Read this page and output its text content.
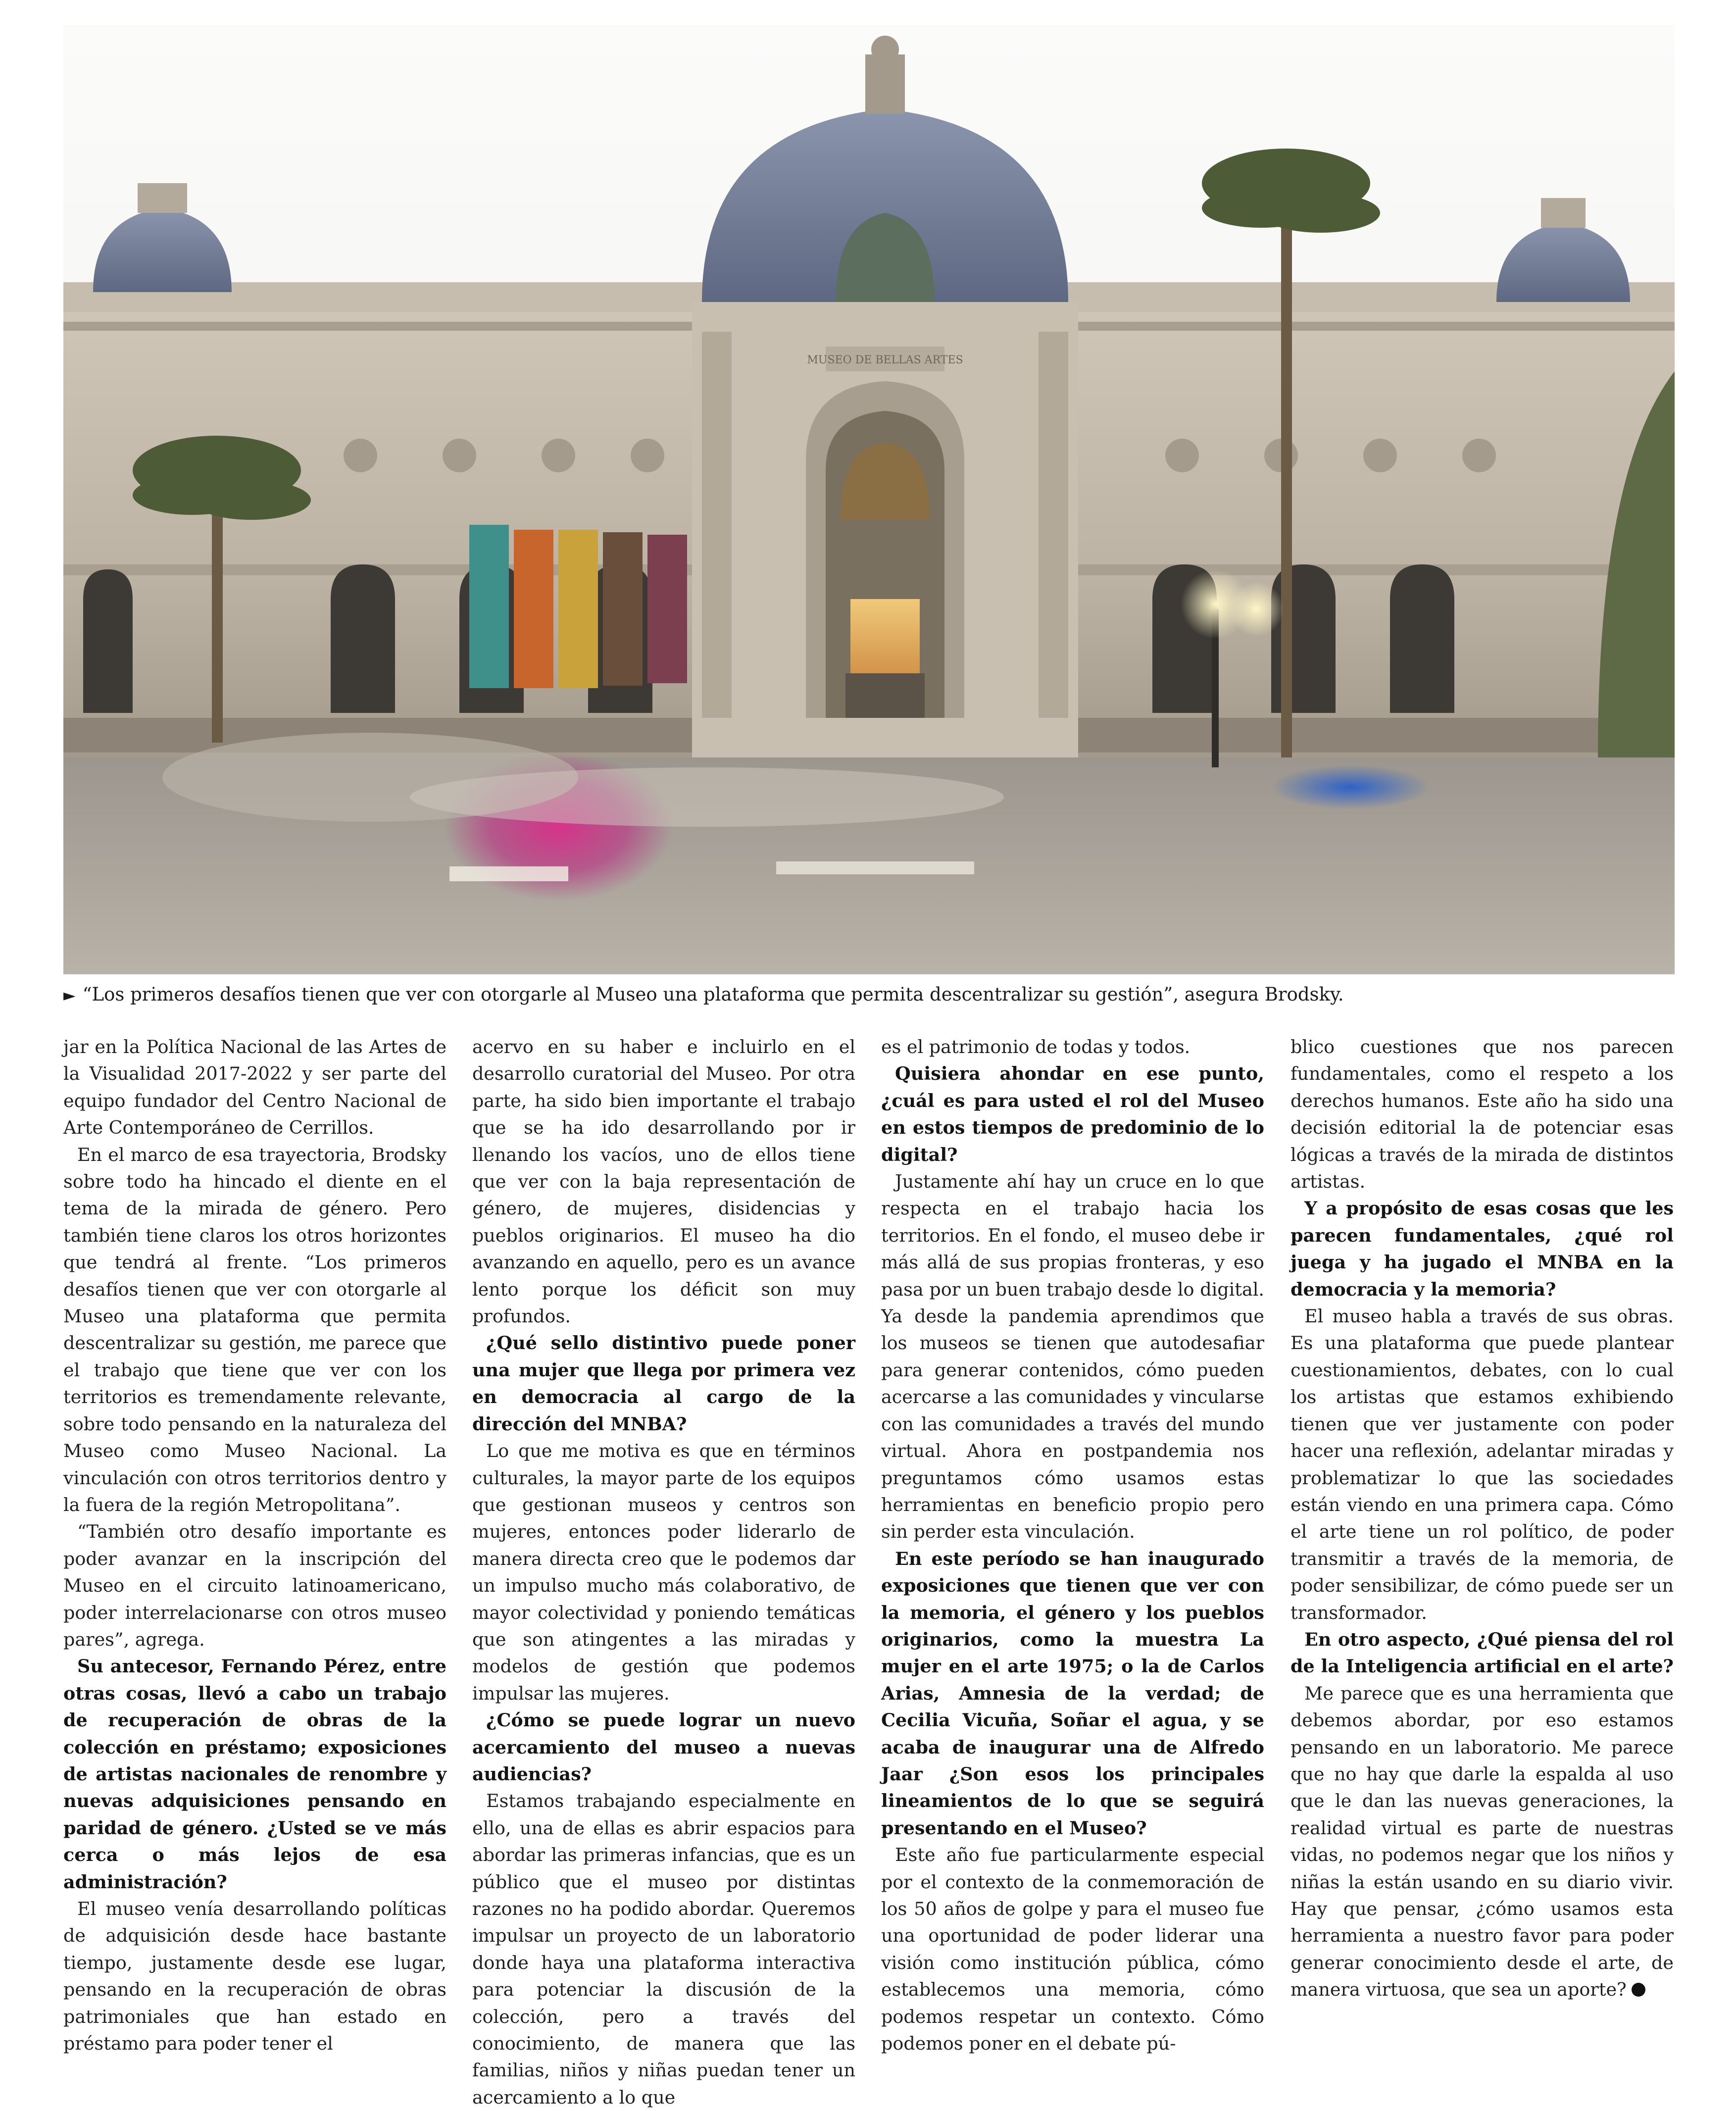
MUSEO DE BELLAS ARTES
► “Los primeros desafíos tienen que ver con otorgarle al Museo una plataforma que permita descentralizar su gestión”, asegura Brodsky.

jar en la Política Nacional de las Artes de la Visualidad 2017-2022 y ser parte del equipo fundador del Centro Nacional de Arte Contemporáneo de Cerrillos.

En el marco de esa trayectoria, Brodsky sobre todo ha hincado el diente en el tema de la mirada de género. Pero también tiene claros los otros horizontes que tendrá al frente. “Los primeros desafíos tienen que ver con otorgarle al Museo una plataforma que permita descentralizar su gestión, me parece que el trabajo que tiene que ver con los territorios es tremendamente relevante, sobre todo pensando en la naturaleza del Museo como Museo Nacional. La vinculación con otros territorios dentro y la fuera de la región Metropolitana”.

“También otro desafío importante es poder avanzar en la inscripción del Museo en el circuito latinoamericano, poder interrelacionarse con otros museo pares”, agrega.

Su antecesor, Fernando Pérez, entre otras cosas, llevó a cabo un trabajo de recuperación de obras de la colección en préstamo; exposiciones de artistas nacionales de renombre y nuevas adquisiciones pensando en paridad de género. ¿Usted se ve más cerca o más lejos de esa administración?

El museo venía desarrollando políticas de adquisición desde hace bastante tiempo, justamente desde ese lugar, pensando en la recuperación de obras patrimoniales que han estado en préstamo para poder tener el

acervo en su haber e incluirlo en el desarrollo curatorial del Museo. Por otra parte, ha sido bien importante el trabajo que se ha ido desarrollando por ir llenando los vacíos, uno de ellos tiene que ver con la baja representación de género, de mujeres, disidencias y pueblos originarios. El museo ha dio avanzando en aquello, pero es un avance lento porque los déficit son muy profundos.

¿Qué sello distintivo puede poner una mujer que llega por primera vez en democracia al cargo de la dirección del MNBA?

Lo que me motiva es que en términos culturales, la mayor parte de los equipos que gestionan museos y centros son mujeres, entonces poder liderarlo de manera directa creo que le podemos dar un impulso mucho más colaborativo, de mayor colectividad y poniendo temáticas que son atingentes a las miradas y modelos de gestión que podemos impulsar las mujeres.

¿Cómo se puede lograr un nuevo acercamiento del museo a nuevas audiencias?

Estamos trabajando especialmente en ello, una de ellas es abrir espacios para abordar las primeras infancias, que es un público que el museo por distintas razones no ha podido abordar. Queremos impulsar un proyecto de un laboratorio donde haya una plataforma interactiva para potenciar la discusión de la colección, pero a través del conocimiento, de manera que las familias, niños y niñas puedan tener un acercamiento a lo que

es el patrimonio de todas y todos.

Quisiera ahondar en ese punto, ¿cuál es para usted el rol del Museo en estos tiempos de predominio de lo digital?

Justamente ahí hay un cruce en lo que respecta en el trabajo hacia los territorios. En el fondo, el museo debe ir más allá de sus propias fronteras, y eso pasa por un buen trabajo desde lo digital. Ya desde la pandemia aprendimos que los museos se tienen que autodesafiar para generar contenidos, cómo pueden acercarse a las comunidades y vincularse con las comunidades a través del mundo virtual. Ahora en postpandemia nos preguntamos cómo usamos estas herramientas en beneficio propio pero sin perder esta vinculación.

En este período se han inaugurado exposiciones que tienen que ver con la memoria, el género y los pueblos originarios, como la muestra La mujer en el arte 1975; o la de Carlos Arias, Amnesia de la verdad; de Cecilia Vicuña, Soñar el agua, y se acaba de inaugurar una de Alfredo Jaar ¿Son esos los principales lineamientos de lo que se seguirá presentando en el Museo?

Este año fue particularmente especial por el contexto de la conmemoración de los 50 años de golpe y para el museo fue una oportunidad de poder liderar una visión como institución pública, cómo establecemos una memoria, cómo podemos respetar un contexto. Cómo podemos poner en el debate pú-

blico cuestiones que nos parecen fundamentales, como el respeto a los derechos humanos. Este año ha sido una decisión editorial la de potenciar esas lógicas a través de la mirada de distintos artistas.

Y a propósito de esas cosas que les parecen fundamentales, ¿qué rol juega y ha jugado el MNBA en la democracia y la memoria?

El museo habla a través de sus obras. Es una plataforma que puede plantear cuestionamientos, debates, con lo cual los artistas que estamos exhibiendo tienen que ver justamente con poder hacer una reflexión, adelantar miradas y problematizar lo que las sociedades están viendo en una primera capa. Cómo el arte tiene un rol político, de poder transmitir a través de la memoria, de poder sensibilizar, de cómo puede ser un transformador.

En otro aspecto, ¿Qué piensa del rol de la Inteligencia artificial en el arte?

Me parece que es una herramienta que debemos abordar, por eso estamos pensando en un laboratorio. Me parece que no hay que darle la espalda al uso que le dan las nuevas generaciones, la realidad virtual es parte de nuestras vidas, no podemos negar que los niños y niñas la están usando en su diario vivir. Hay que pensar, ¿cómo usamos esta herramienta a nuestro favor para poder generar conocimiento desde el arte, de manera virtuosa, que sea un aporte?
